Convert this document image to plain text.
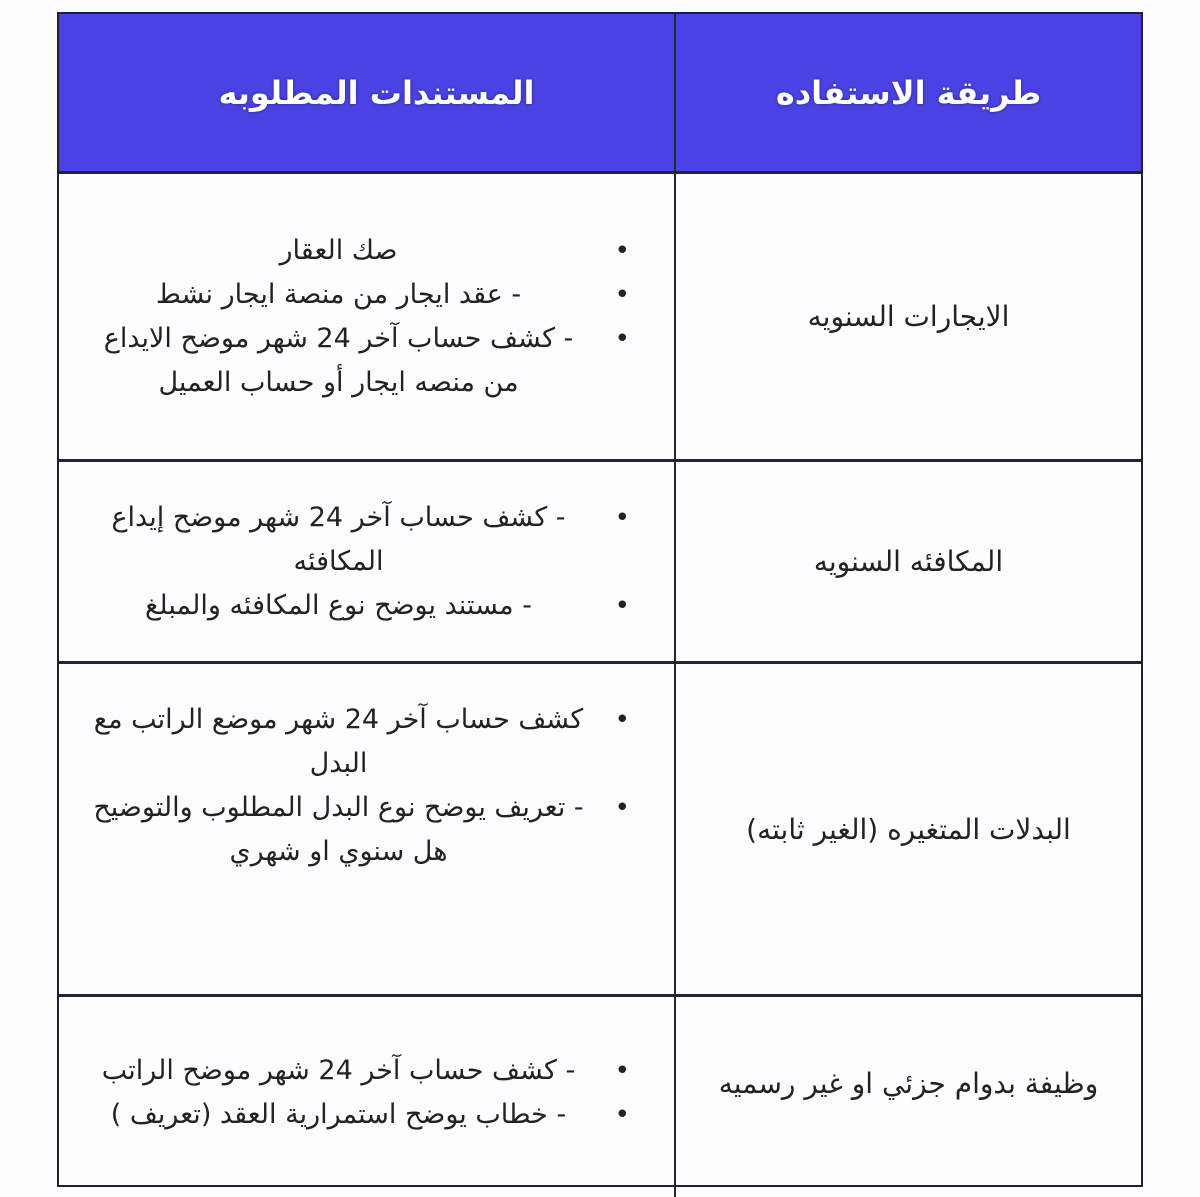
طريقة الاستفاده
المستندات المطلوبه
الايجارات السنويه
•
صك العقار
•
- عقد ايجار من منصة ايجار نشط
•
- كشف حساب آخر 24 شهر موضح الايداع من منصه ايجار أو حساب العميل
المكافئه السنويه
•
- كشف حساب آخر 24 شهر موضح إيداع المكافئه
•
- مستند يوضح نوع المكافئه والمبلغ
البدلات المتغيره (الغير ثابته)
•
كشف حساب آخر 24 شهر موضع الراتب مع البدل
•
- تعريف يوضح نوع البدل المطلوب والتوضيح هل سنوي او شهري
وظيفة بدوام جزئي او غير رسميه
•
- كشف حساب آخر 24 شهر موضح الراتب
•
- خطاب يوضح استمرارية العقد (تعريف )
